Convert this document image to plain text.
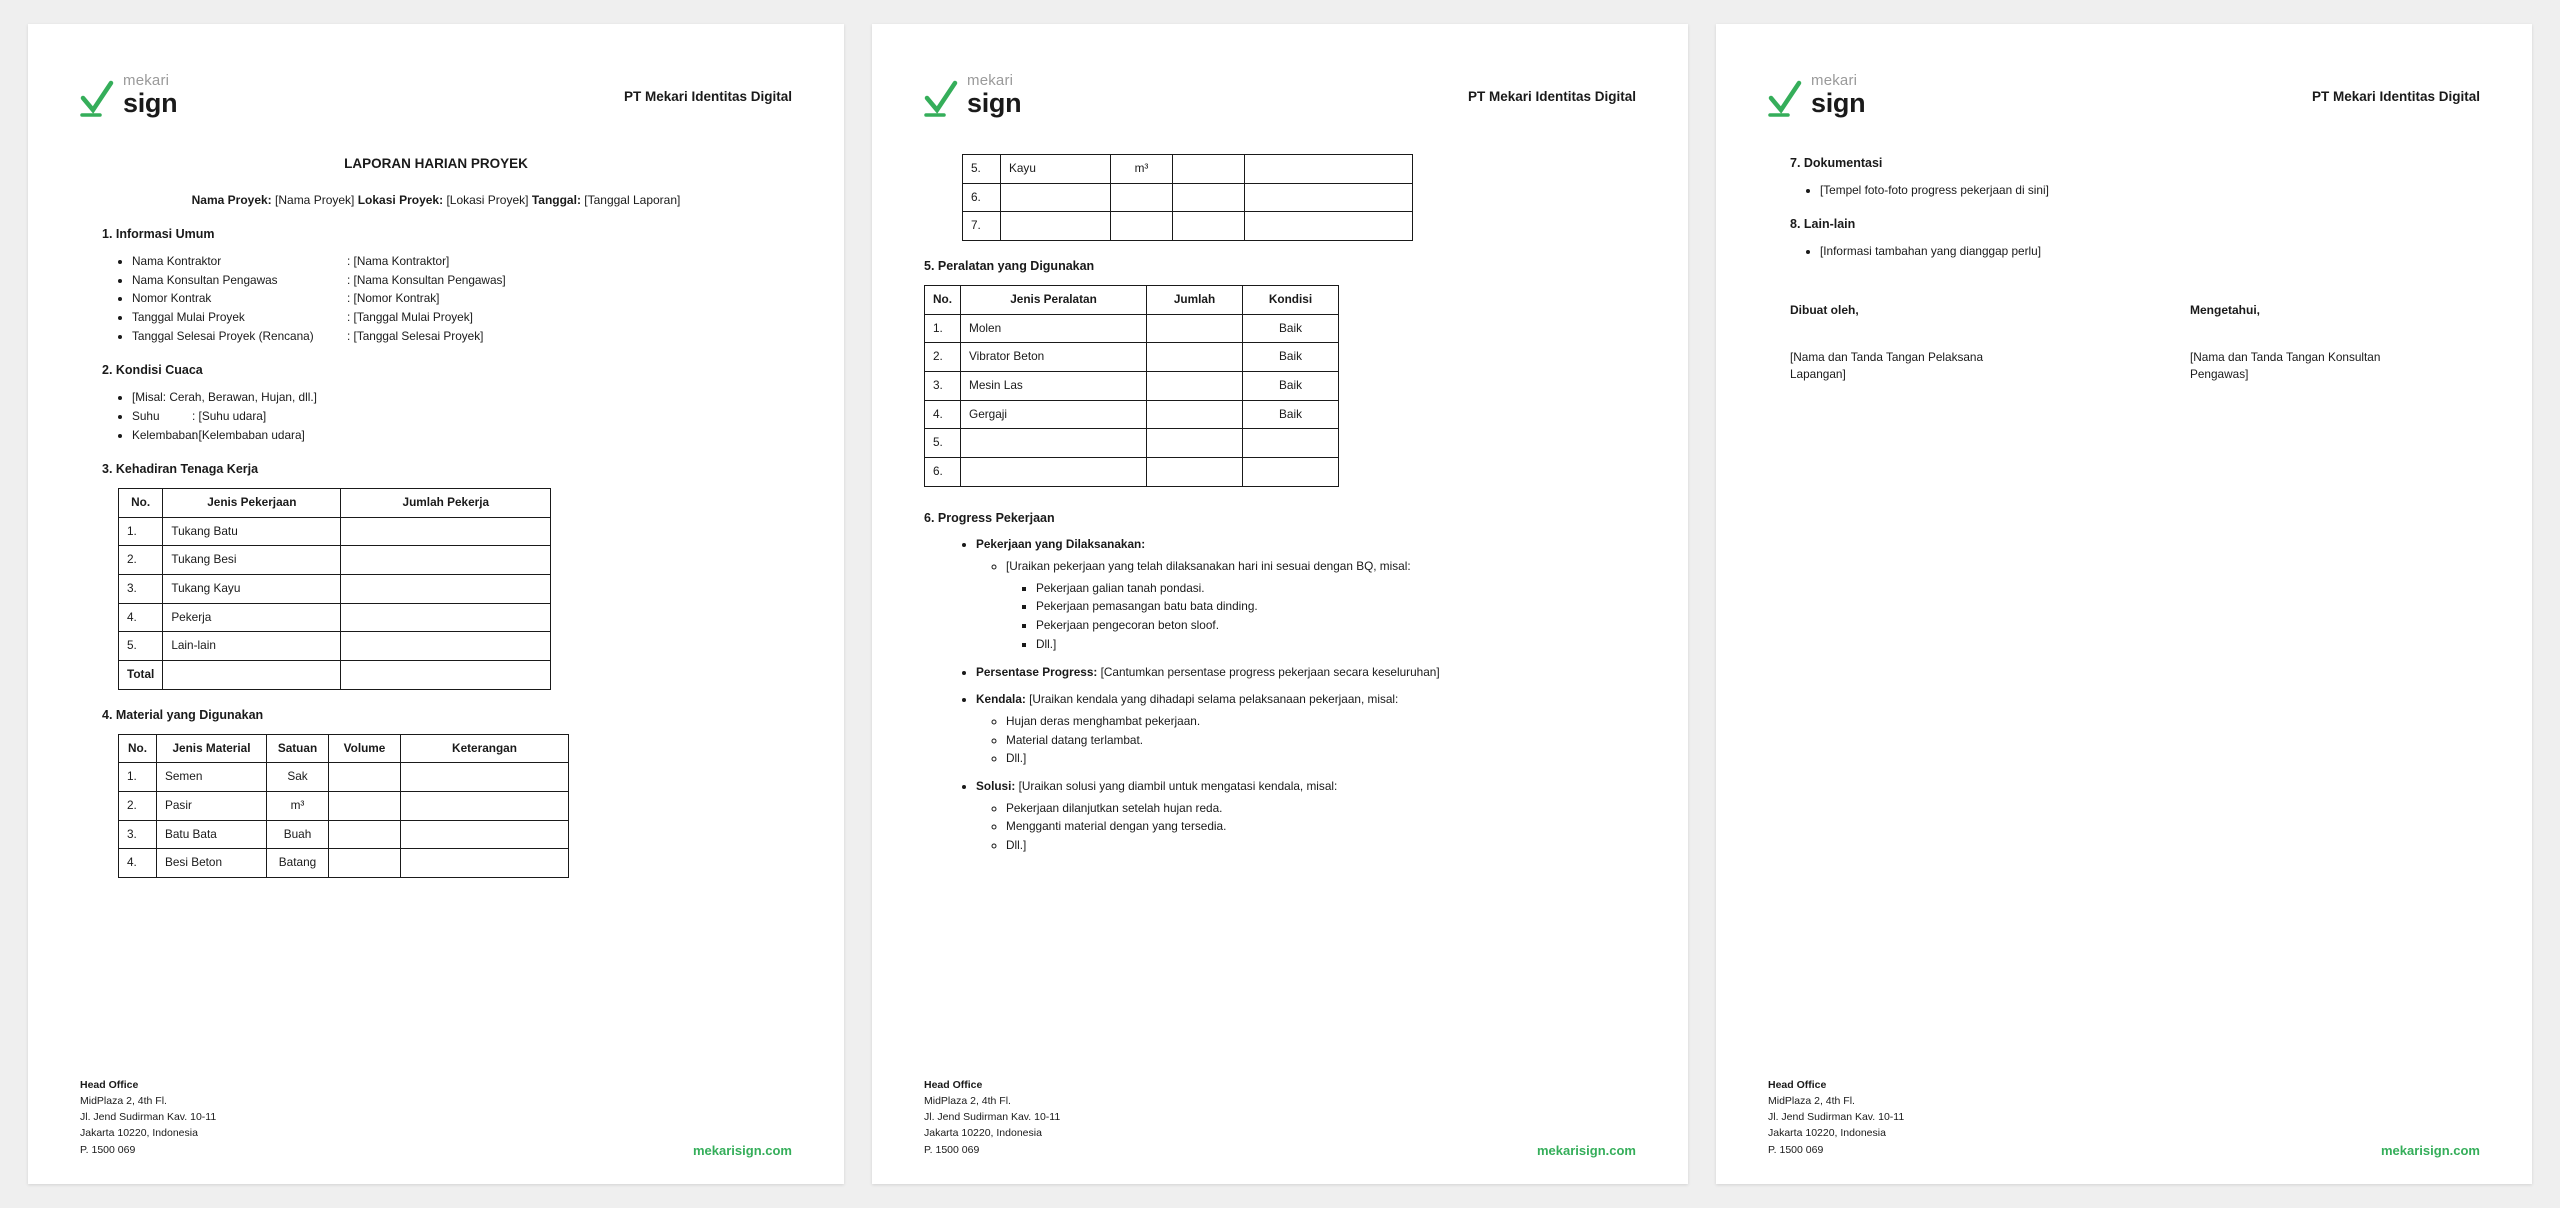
mekari
sign	PT Mekari Identitas Digital
LAPORAN HARIAN PROYEK
Nama Proyek: [Nama Proyek] Lokasi Proyek: [Lokasi Proyek] Tanggal: [Tanggal Laporan]
1. Informasi Umum
• Nama Kontraktor	: [Nama Kontraktor]
• Nama Konsultan Pengawas	: [Nama Konsultan Pengawas]
• Nomor Kontrak	: [Nomor Kontrak]
• Tanggal Mulai Proyek	: [Tanggal Mulai Proyek]
• Tanggal Selesai Proyek (Rencana)	: [Tanggal Selesai Proyek]
2. Kondisi Cuaca
• [Misal: Cerah, Berawan, Hujan, dll.]
• Suhu	: [Suhu udara]
• Kelembaban
: [Kelembaban udara]
3. Kehadiran Tenaga Kerja
No.	Jenis Pekerjaan	Jumlah Pekerja
1.	Tukang Batu	
2.	Tukang Besi	
3.	Tukang Kayu	
4.	Pekerja	
5.	Lain-lain	
Total		
4. Material yang Digunakan
No.	Jenis Material	Satuan	Volume	Keterangan
1.	Semen	Sak		
2.	Pasir	m³		
3.	Batu Bata	Buah		
4.	Besi Beton	Batang		
Head Office
MidPlaza 2, 4th Fl.
Jl. Jend Sudirman Kav. 10-11
Jakarta 10220, Indonesia
P. 1500 069	mekarisign.com
mekari
sign	PT Mekari Identitas Digital
5.	Kayu	m³		
6.				
7.				
5. Peralatan yang Digunakan
No.	Jenis Peralatan	Jumlah	Kondisi
1.	Molen		Baik
2.	Vibrator Beton		Baik
3.	Mesin Las		Baik
4.	Gergaji		Baik
5.			
6.			
6. Progress Pekerjaan
• Pekerjaan yang Dilaksanakan:
◦ [Uraikan pekerjaan yang telah dilaksanakan hari ini sesuai dengan BQ, misal:
▪ Pekerjaan galian tanah pondasi.
▪ Pekerjaan pemasangan batu bata dinding.
▪ Pekerjaan pengecoran beton sloof.
▪ Dll.]
• Persentase Progress: [Cantumkan persentase progress pekerjaan secara keseluruhan]
• Kendala: [Uraikan kendala yang dihadapi selama pelaksanaan pekerjaan, misal:
◦ Hujan deras menghambat pekerjaan.
◦ Material datang terlambat.
◦ Dll.]
• Solusi: [Uraikan solusi yang diambil untuk mengatasi kendala, misal:
◦ Pekerjaan dilanjutkan setelah hujan reda.
◦ Mengganti material dengan yang tersedia.
◦ Dll.]
Head Office
MidPlaza 2, 4th Fl.
Jl. Jend Sudirman Kav. 10-11
Jakarta 10220, Indonesia
P. 1500 069	mekarisign.com
mekari
sign	PT Mekari Identitas Digital
7. Dokumentasi
• [Tempel foto-foto progress pekerjaan di sini]
8. Lain-lain
• [Informasi tambahan yang dianggap perlu]
Dibuat oleh,
[Nama dan Tanda Tangan Pelaksana Lapangan]
Mengetahui,
[Nama dan Tanda Tangan Konsultan Pengawas]
Head Office
MidPlaza 2, 4th Fl.
Jl. Jend Sudirman Kav. 10-11
Jakarta 10220, Indonesia
P. 1500 069	mekarisign.com
